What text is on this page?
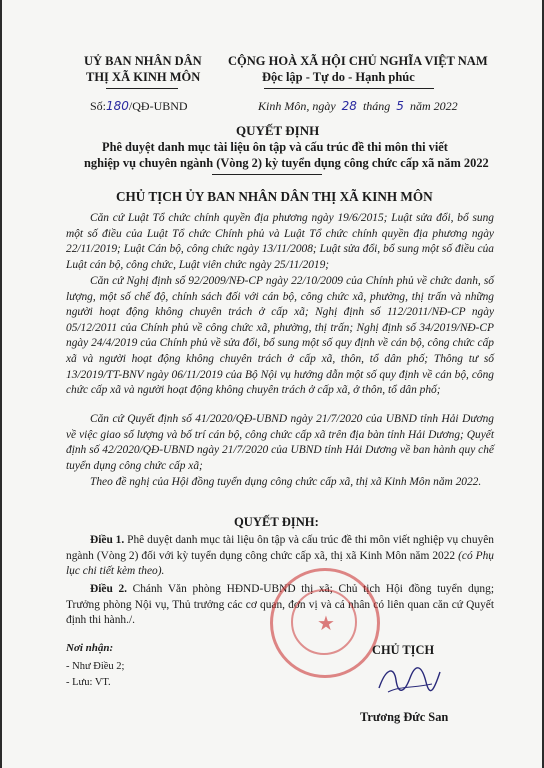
UỶ BAN NHÂN DÂN
THỊ XÃ KINH MÔN
CỘNG HOÀ XÃ HỘI CHỦ NGHĨA VIỆT NAM
Độc lập - Tự do - Hạnh phúc
Số:180/QĐ-UBND	Kinh Môn, ngày 28 tháng 5 năm 2022
QUYẾT ĐỊNH
Phê duyệt danh mục tài liệu ôn tập và cấu trúc đề thi môn thi viết
nghiệp vụ chuyên ngành (Vòng 2) kỳ tuyển dụng công chức cấp xã năm 2022
CHỦ TỊCH ỦY BAN NHÂN DÂN THỊ XÃ KINH MÔN
Căn cứ Luật Tổ chức chính quyền địa phương ngày 19/6/2015; Luật sửa đổi, bổ sung một số điều của Luật Tổ chức Chính phủ và Luật Tổ chức chính quyền địa phương ngày 22/11/2019; Luật Cán bộ, công chức ngày 13/11/2008; Luật sửa đổi, bổ sung một số điều của Luật cán bộ, công chức, Luật viên chức ngày 25/11/2019;
Căn cứ Nghị định số 92/2009/NĐ-CP ngày 22/10/2009 của Chính phủ về chức danh, số lượng, một số chế độ, chính sách đối với cán bộ, công chức xã, phường, thị trấn và những người hoạt động không chuyên trách ở cấp xã; Nghị định số 112/2011/NĐ-CP ngày 05/12/2011 của Chính phủ về công chức xã, phường, thị trấn; Nghị định số 34/2019/NĐ-CP ngày 24/4/2019 của Chính phủ về sửa đổi, bổ sung một số quy định về cán bộ, công chức cấp xã và người hoạt động không chuyên trách ở cấp xã, thôn, tổ dân phố; Thông tư số 13/2019/TT-BNV ngày 06/11/2019 của Bộ Nội vụ hướng dẫn một số quy định về cán bộ, công chức cấp xã và người hoạt động không chuyên trách ở cấp xã, ở thôn, tổ dân phố;
Căn cứ Quyết định số 41/2020/QĐ-UBND ngày 21/7/2020 của UBND tỉnh Hải Dương về việc giao số lượng và bố trí cán bộ, công chức cấp xã trên địa bàn tỉnh Hải Dương; Quyết định số 42/2020/QĐ-UBND ngày 21/7/2020 của UBND tỉnh Hải Dương về ban hành quy chế tuyển dụng công chức cấp xã;
Theo đề nghị của Hội đồng tuyển dụng công chức cấp xã, thị xã Kinh Môn năm 2022.
QUYẾT ĐỊNH:
Điều 1. Phê duyệt danh mục tài liệu ôn tập và cấu trúc đề thi môn viết nghiệp vụ chuyên ngành (Vòng 2) đối với kỳ tuyển dụng công chức cấp xã, thị xã Kinh Môn năm 2022 (có Phụ lục chi tiết kèm theo).
Điều 2. Chánh Văn phòng HĐND-UBND thị xã; Chủ tịch Hội đồng tuyển dụng; Trưởng phòng Nội vụ, Thủ trưởng các cơ quan, đơn vị và cá nhân có liên quan căn cứ Quyết định thi hành./.
Nơi nhận:
- Như Điều 2;
- Lưu: VT.
★
CHỦ TỊCH
Trương Đức San
